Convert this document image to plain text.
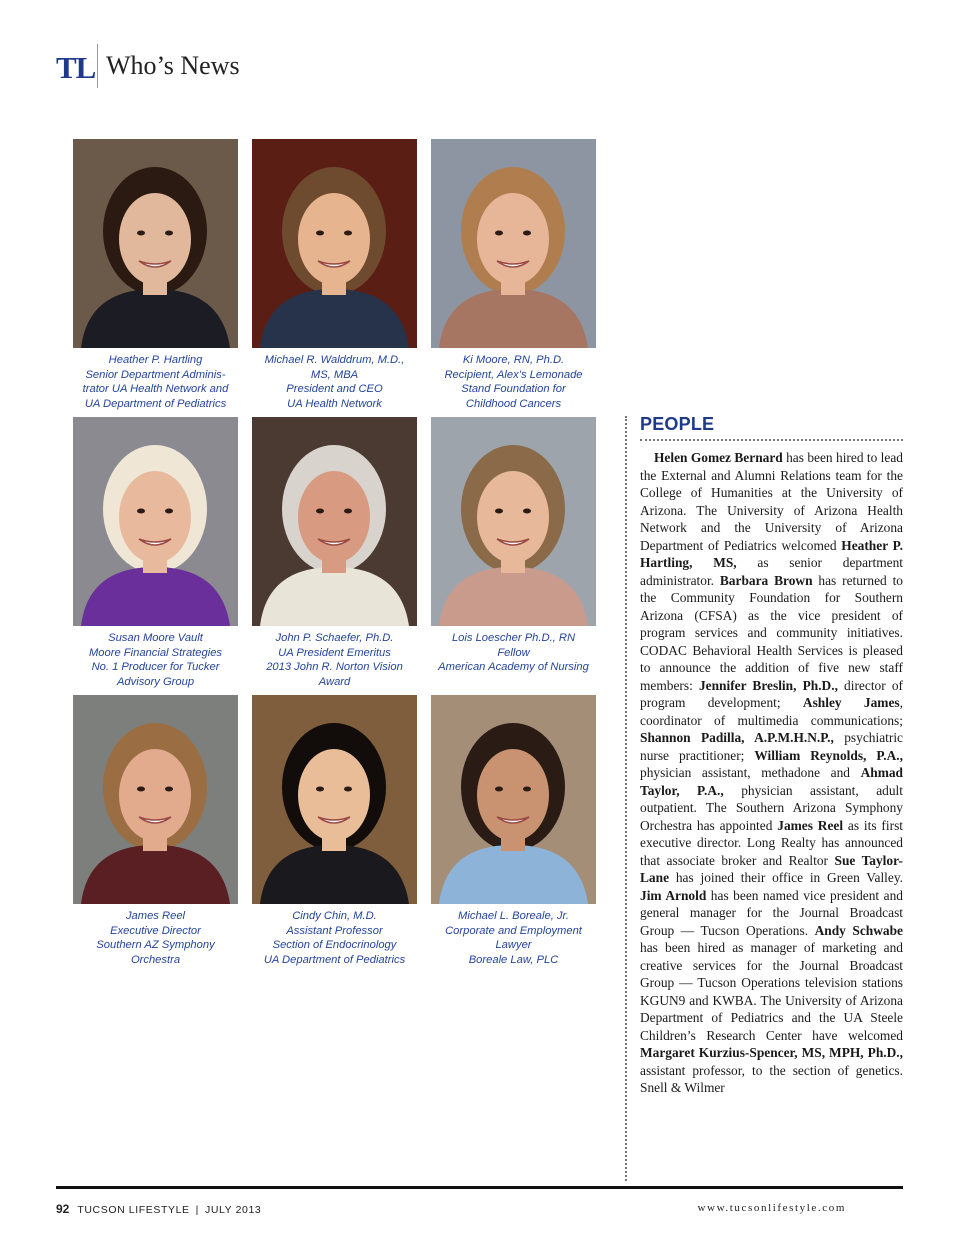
TL Who’s News
Heather P. Hartling
Senior Department Adminis-
trator UA Health Network and
UA Department of Pediatrics
Michael R. Walddrum, M.D.,
MS, MBA
President and CEO
UA Health Network
Ki Moore, RN, Ph.D.
Recipient, Alex’s Lemonade
Stand Foundation for
Childhood Cancers
Susan Moore Vault
Moore Financial Strategies
No. 1 Producer for Tucker
Advisory Group
John P. Schaefer, Ph.D.
UA President Emeritus
2013 John R. Norton Vision
Award
Lois Loescher Ph.D., RN
Fellow
American Academy of Nursing
James Reel
Executive Director
Southern AZ Symphony
Orchestra
Cindy Chin, M.D.
Assistant Professor
Section of Endocrinology
UA Department of Pediatrics
Michael L. Boreale, Jr.
Corporate and Employment
Lawyer
Boreale Law, PLC
PEOPLE

Helen Gomez Bernard has been hired to lead the External and Alumni Relations team for the College of Humanities at the University of Arizona. The University of Arizona Health Network and the University of Arizona Department of Pediatrics welcomed Heather P. Hartling, MS, as senior department administrator. Barbara Brown has returned to the Community Foundation for Southern Arizona (CFSA) as the vice president of program services and community initiatives. CODAC Behavioral Health Services is pleased to announce the addition of five new staff members: Jennifer Breslin, Ph.D., director of program development; Ashley James, coordinator of multimedia communications; Shannon Padilla, A.P.M.H.N.P., psychiatric nurse practitioner; William Reynolds, P.A., physician assistant, methadone and Ahmad Taylor, P.A., physician assistant, adult outpatient. The Southern Arizona Symphony Orchestra has appointed James Reel as its first executive director. Long Realty has announced that associate broker and Realtor Sue Taylor-Lane has joined their office in Green Valley. Jim Arnold has been named vice president and general manager for the Journal Broadcast Group — Tucson Operations. Andy Schwabe has been hired as manager of marketing and creative services for the Journal Broadcast Group — Tucson Operations television stations KGUN9 and KWBA. The University of Arizona Department of Pediatrics and the UA Steele Children’s Research Center have welcomed Margaret Kurzius-Spencer, MS, MPH, Ph.D., assistant professor, to the section of genetics. Snell & Wilmer

92 TUCSON LIFESTYLE | JULY 2013	www.tucsonlifestyle.com
